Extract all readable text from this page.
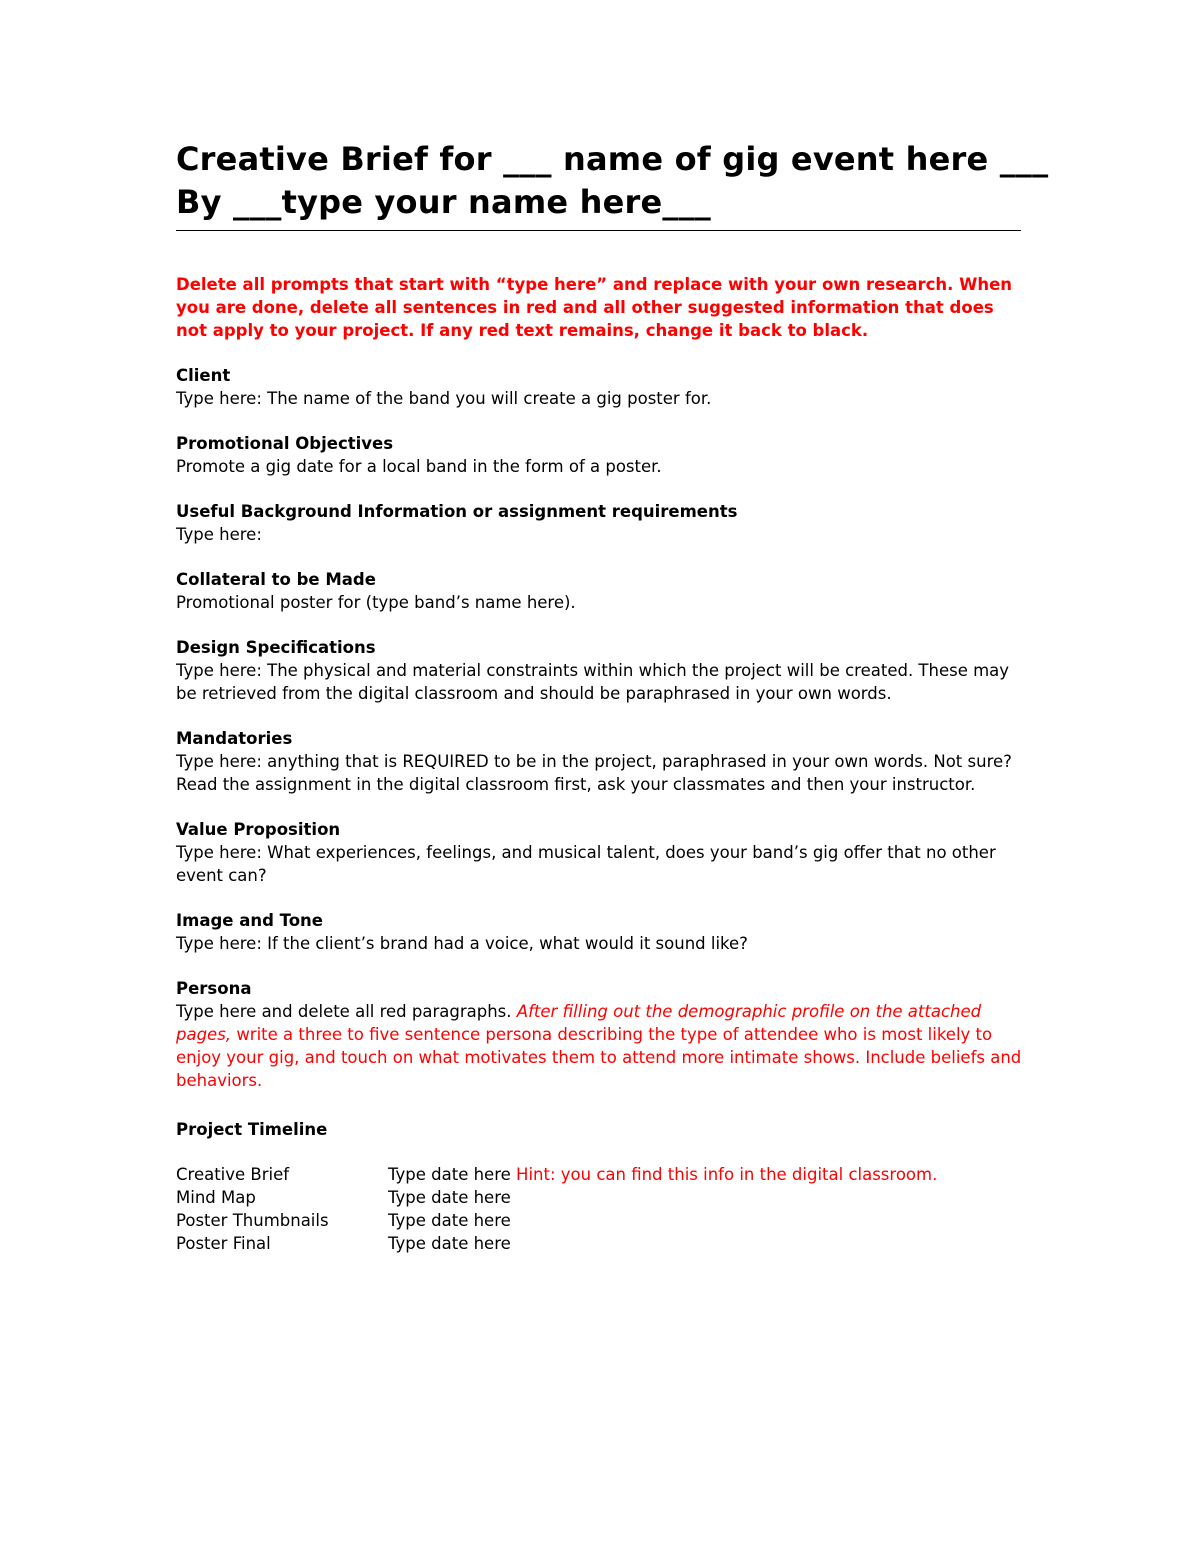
Creative Brief for ___ name of gig event here ___
By ___type your name here___
Delete all prompts that start with “type here” and replace with your own research. When you are done, delete all sentences in red and all other suggested information that does not apply to your project. If any red text remains, change it back to black.
Client
Type here: The name of the band you will create a gig poster for.
Promotional Objectives
Promote a gig date for a local band in the form of a poster.
Useful Background Information or assignment requirements
Type here:
Collateral to be Made
Promotional poster for (type band’s name here).
Design Specifications
Type here: The physical and material constraints within which the project will be created. These may be retrieved from the digital classroom and should be paraphrased in your own words.
Mandatories
Type here: anything that is REQUIRED to be in the project, paraphrased in your own words. Not sure? Read the assignment in the digital classroom first, ask your classmates and then your instructor.
Value Proposition
Type here: What experiences, feelings, and musical talent, does your band’s gig offer that no other event can?
Image and Tone
Type here: If the client’s brand had a voice, what would it sound like?
Persona
Type here and delete all red paragraphs. After filling out the demographic profile on the attached pages, write a three to five sentence persona describing the type of attendee who is most likely to enjoy your gig, and touch on what motivates them to attend more intimate shows. Include beliefs and behaviors.
Project Timeline
Creative Brief	Type date here Hint: you can find this info in the digital classroom.
Mind Map	Type date here
Poster Thumbnails	Type date here
Poster Final	Type date here
